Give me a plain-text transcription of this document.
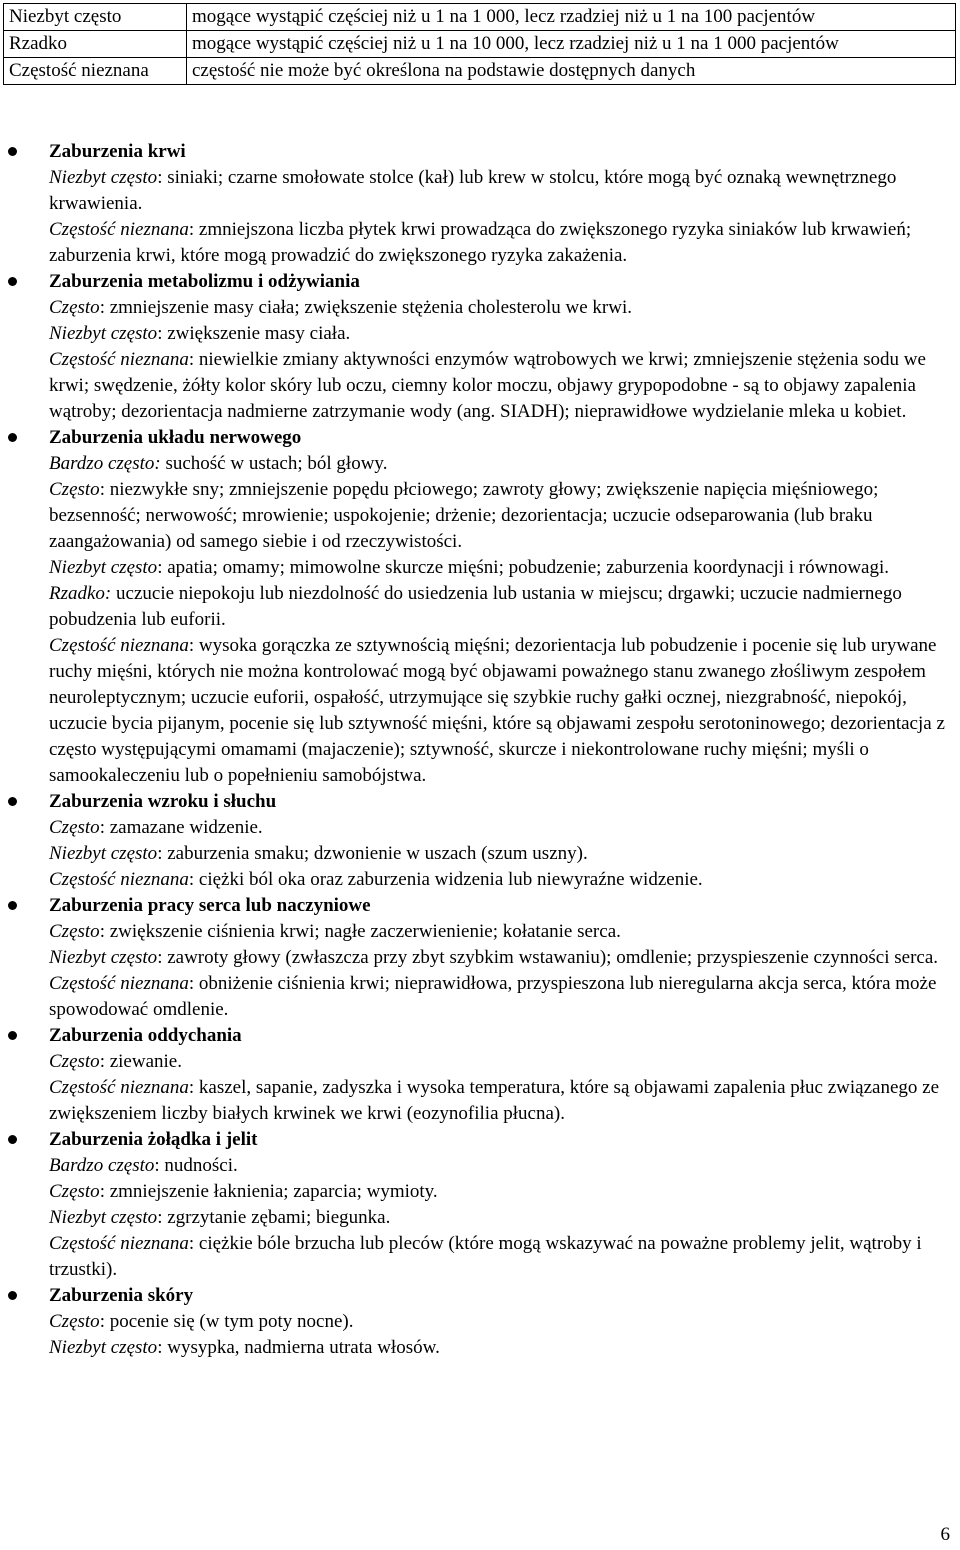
Niezbyt często	mogące wystąpić częściej niż u 1 na 1 000, lecz rzadziej niż u 1 na 100 pacjentów
Rzadko	mogące wystąpić częściej niż u 1 na 10 000, lecz rzadziej niż u 1 na 1 000 pacjentów
Częstość nieznana	częstość nie może być określona na podstawie dostępnych danych
Zaburzenia krwi
Niezbyt często: siniaki; czarne smołowate stolce (kał) lub krew w stolcu, które mogą być oznaką wewnętrznego krwawienia.
Częstość nieznana: zmniejszona liczba płytek krwi prowadząca do zwiększonego ryzyka siniaków lub krwawień; zaburzenia krwi, które mogą prowadzić do zwiększonego ryzyka zakażenia.
Zaburzenia metabolizmu i odżywiania
Często: zmniejszenie masy ciała; zwiększenie stężenia cholesterolu we krwi.
Niezbyt często: zwiększenie masy ciała.
Częstość nieznana: niewielkie zmiany aktywności enzymów wątrobowych we krwi; zmniejszenie stężenia sodu we krwi; swędzenie, żółty kolor skóry lub oczu, ciemny kolor moczu, objawy grypopodobne - są to objawy zapalenia wątroby; dezorientacja nadmierne zatrzymanie wody (ang. SIADH); nieprawidłowe wydzielanie mleka u kobiet.
Zaburzenia układu nerwowego
Bardzo często: suchość w ustach; ból głowy.
Często: niezwykłe sny; zmniejszenie popędu płciowego; zawroty głowy; zwiększenie napięcia mięśniowego; bezsenność; nerwowość; mrowienie; uspokojenie; drżenie; dezorientacja; uczucie odseparowania (lub braku zaangażowania) od samego siebie i od rzeczywistości.
Niezbyt często: apatia; omamy; mimowolne skurcze mięśni; pobudzenie; zaburzenia koordynacji i równowagi.
Rzadko: uczucie niepokoju lub niezdolność do usiedzenia lub ustania w miejscu; drgawki; uczucie nadmiernego pobudzenia lub euforii.
Częstość nieznana: wysoka gorączka ze sztywnością mięśni; dezorientacja lub pobudzenie i pocenie się lub urywane ruchy mięśni, których nie można kontrolować mogą być objawami poważnego stanu zwanego złośliwym zespołem neuroleptycznym; uczucie euforii, ospałość, utrzymujące się szybkie ruchy gałki ocznej, niezgrabność, niepokój, uczucie bycia pijanym, pocenie się lub sztywność mięśni, które są objawami zespołu serotoninowego; dezorientacja z często występującymi omamami (majaczenie); sztywność, skurcze i niekontrolowane ruchy mięśni; myśli o samookaleczeniu lub o popełnieniu samobójstwa.
Zaburzenia wzroku i słuchu
Często: zamazane widzenie.
Niezbyt często: zaburzenia smaku; dzwonienie w uszach (szum uszny).
Częstość nieznana: ciężki ból oka oraz zaburzenia widzenia lub niewyraźne widzenie.
Zaburzenia pracy serca lub naczyniowe
Często: zwiększenie ciśnienia krwi; nagłe zaczerwienienie; kołatanie serca.
Niezbyt często: zawroty głowy (zwłaszcza przy zbyt szybkim wstawaniu); omdlenie; przyspieszenie czynności serca.
Częstość nieznana: obniżenie ciśnienia krwi; nieprawidłowa, przyspieszona lub nieregularna akcja serca, która może spowodować omdlenie.
Zaburzenia oddychania
Często: ziewanie.
Częstość nieznana: kaszel, sapanie, zadyszka i wysoka temperatura, które są objawami zapalenia płuc związanego ze zwiększeniem liczby białych krwinek we krwi (eozynofilia płucna).
Zaburzenia żołądka i jelit
Bardzo często: nudności.
Często: zmniejszenie łaknienia; zaparcia; wymioty.
Niezbyt często: zgrzytanie zębami; biegunka.
Częstość nieznana: ciężkie bóle brzucha lub pleców (które mogą wskazywać na poważne problemy jelit, wątroby i trzustki).
Zaburzenia skóry
Często: pocenie się (w tym poty nocne).
Niezbyt często: wysypka, nadmierna utrata włosów.
6
